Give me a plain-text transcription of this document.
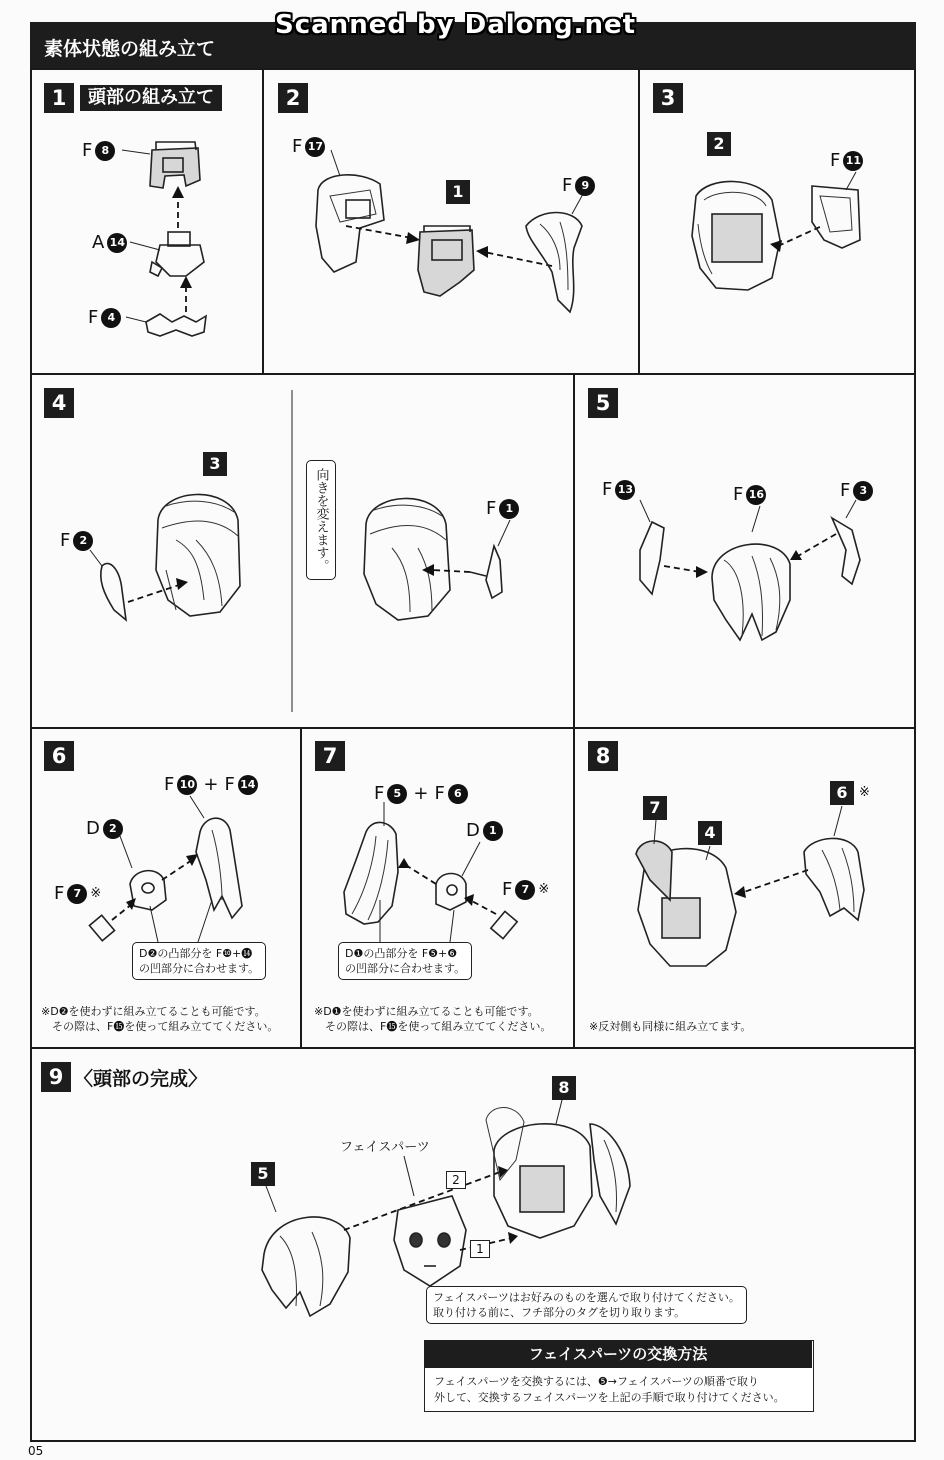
Scanned by Dalong.net
素体状態の組み立て
1	頭部の組み立て
F 8
A 14
F 4
2
F 17
1	F 9
3
2
F 11
4
3
F 2	向きを変えます。	F 1
5
F 13	F 16	F 3
6
F 10 + F 14
D 2
F 7 ※
D❷の凸部分を F❿+⓮
の凹部分に合わせます。
※D❷を使わずに組み立てることも可能です。
　その際は、F⓯を使って組み立ててください。
7
F 5 + F 6
D 1
F 7 ※
D❶の凸部分を F❺+❻
の凹部分に合わせます。
※D❶を使わずに組み立てることも可能です。
　その際は、F⓯を使って組み立ててください。
8
7
4
6 ※
※反対側も同様に組み立てます。
9 〈頭部の完成〉
5
8
フェイスパーツ
2
1
フェイスパーツはお好みのものを選んで取り付けてください。
取り付ける前に、フチ部分のタグを切り取ります。
フェイスパーツの交換方法
フェイスパーツを交換するには、❺→フェイスパーツの順番で取り
外して、交換するフェイスパーツを上記の手順で取り付けてください。
05
